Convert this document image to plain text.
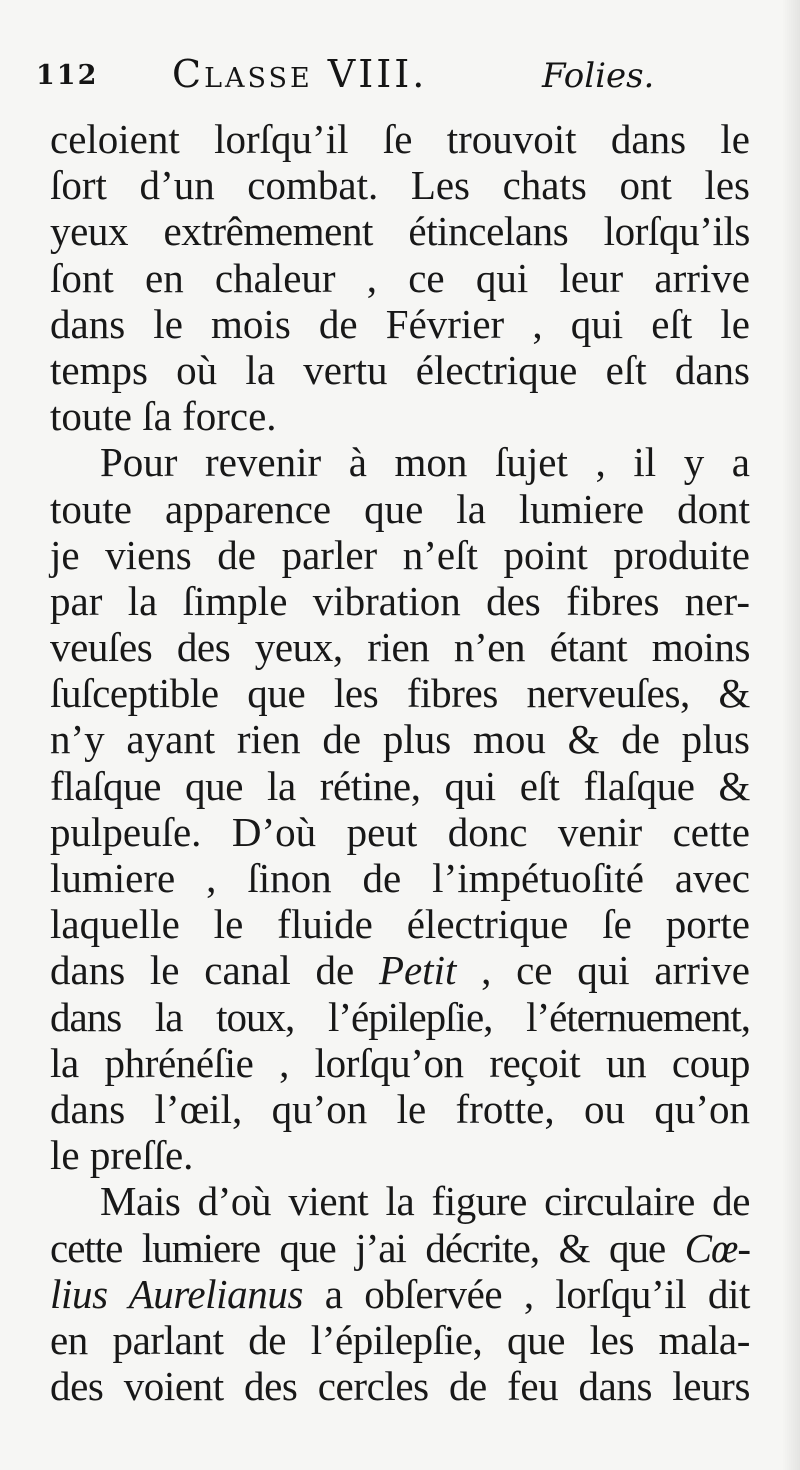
112 Classe VIII.	Folies.
celoient lorſqu’il ſe trouvoit dans le
ſort d’un combat. Les chats ont les
yeux extrêmement étincelans lorſqu’ils
ſont en chaleur , ce qui leur arrive
dans le mois de Février , qui eſt le
temps où la vertu électrique eſt dans
toute ſa force.
Pour revenir à mon ſujet , il y a
toute apparence que la lumiere dont
je viens de parler n’eſt point produite
par la ſimple vibration des fibres ner-
veuſes des yeux, rien n’en étant moins
ſuſceptible que les fibres nerveuſes, &
n’y ayant rien de plus mou & de plus
flaſque que la rétine, qui eſt flaſque &
pulpeuſe. D’où peut donc venir cette
lumiere , ſinon de l’impétuoſité avec
laquelle le fluide électrique ſe porte
dans le canal de Petit , ce qui arrive
dans la toux, l’épilepſie, l’éternuement,
la phrénéſie , lorſqu’on reçoit un coup
dans l’œil, qu’on le frotte, ou qu’on
le preſſe.
Mais d’où vient la figure circulaire de
cette lumiere que j’ai décrite, & que Cœ-
lius Aurelianus a obſervée , lorſqu’il dit
en parlant de l’épilepſie, que les mala-
des voient des cercles de feu dans leurs
